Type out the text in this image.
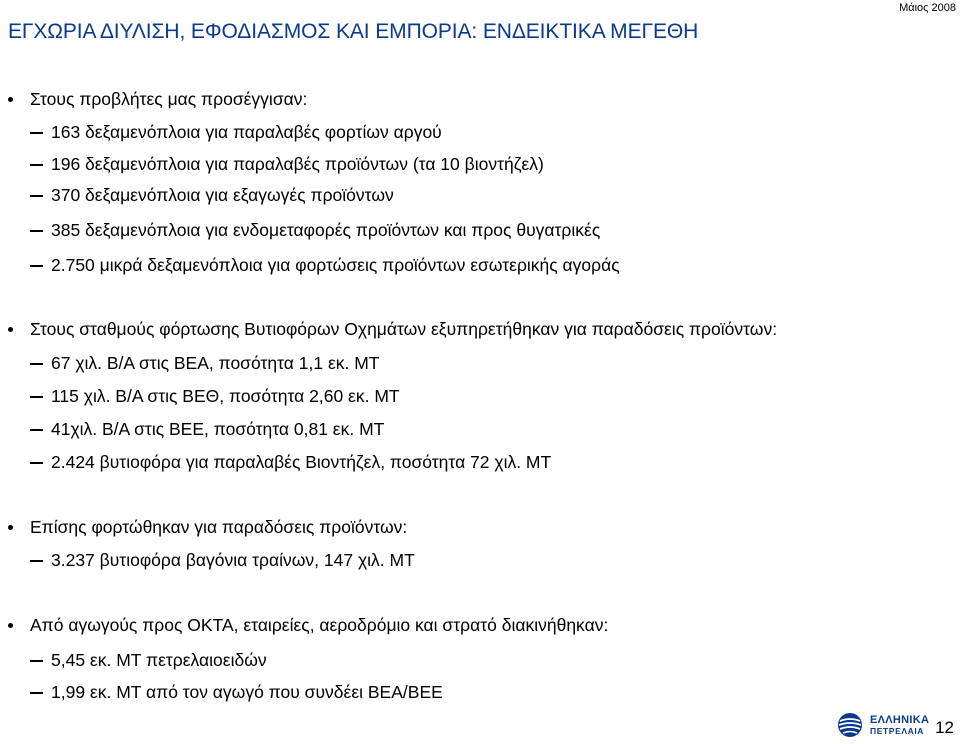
Μάιος 2008
ΕΓΧΩΡΙΑ ΔΙΥΛΙΣΗ, ΕΦΟΔΙΑΣΜΟΣ ΚΑΙ ΕΜΠΟΡΙΑ: ΕΝΔΕΙΚΤΙΚΑ ΜΕΓΕΘΗ
Στους προβλήτες μας προσέγγισαν:
163 δεξαμενόπλοια για παραλαβές φορτίων αργού
196 δεξαμενόπλοια για παραλαβές προϊόντων (τα 10 βιοντήζελ)
370 δεξαμενόπλοια για εξαγωγές προϊόντων
385 δεξαμενόπλοια για ενδομεταφορές προϊόντων και προς θυγατρικές
2.750 μικρά δεξαμενόπλοια για φορτώσεις προϊόντων εσωτερικής αγοράς
Στους σταθμούς φόρτωσης Βυτιοφόρων Οχημάτων εξυπηρετήθηκαν για παραδόσεις προϊόντων:
67 χιλ. Β/Α στις ΒΕΑ, ποσότητα 1,1 εκ. ΜΤ
115 χιλ. Β/Α στις ΒΕΘ, ποσότητα 2,60 εκ. ΜΤ
41χιλ. Β/Α στις ΒΕΕ, ποσότητα 0,81 εκ. ΜΤ
2.424 βυτιοφόρα για παραλαβές Βιοντήζελ, ποσότητα 72 χιλ. ΜΤ
Επίσης φορτώθηκαν για παραδόσεις προϊόντων:
3.237 βυτιοφόρα βαγόνια τραίνων, 147 χιλ. ΜΤ
Από αγωγούς προς ΟΚΤΑ, εταιρείες, αεροδρόμιο και στρατό διακινήθηκαν:
5,45 εκ. ΜΤ πετρελαιοειδών
1,99 εκ. ΜΤ από τον αγωγό που συνδέει ΒΕΑ/ΒΕΕ
ΕΛΛΗΝΙΚΑ
ΠΕΤΡΕΛΑΙΑ 12
